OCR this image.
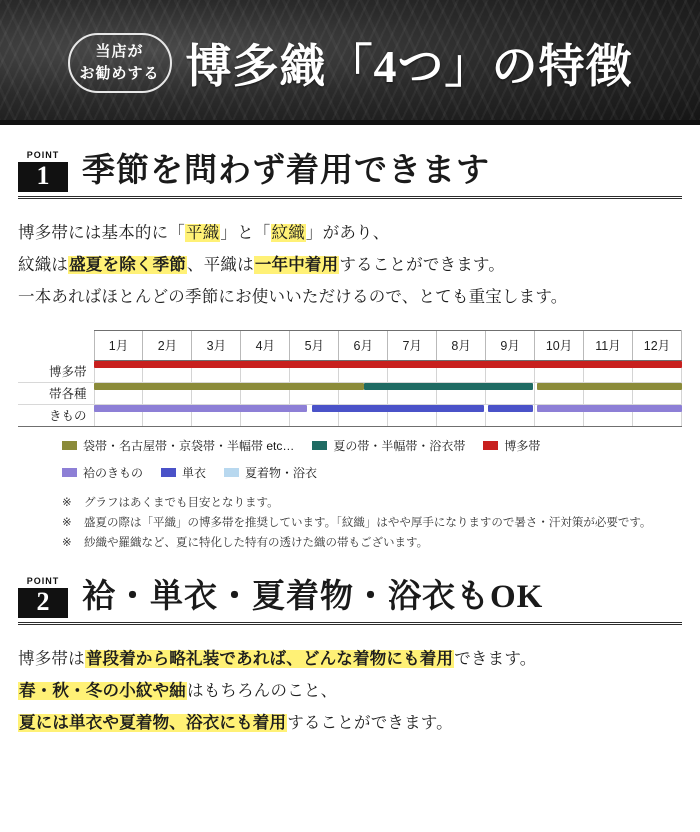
当店が
お勧めする 博多織「4つ」の特徴
POINT
1 季節を問わず着用できます
博多帯には基本的に「平織」と「紋織」があり、
紋織は盛夏を除く季節、平織は一年中着用することができます。
一本あればほとんどの季節にお使いいただけるので、とても重宝します。
	1月	2月	3月	4月	5月	6月	7月	8月	9月	10月	11月	12月
博多帯												
帯各種												
きもの												
袋帯・名古屋帯・京袋帯・半幅帯 etc…	夏の帯・半幅帯・浴衣帯	博多帯
袷のきもの	単衣	夏着物・浴衣
※	グラフはあくまでも目安となります。
※	盛夏の際は「平織」の博多帯を推奨しています。「紋織」はやや厚手になりますので暑さ・汗対策が必要です。
※	紗織や羅織など、夏に特化した特有の透けた織の帯もございます。
POINT
2 袷・単衣・夏着物・浴衣もOK
博多帯は普段着から略礼装であれば、どんな着物にも着用できます。
春・秋・冬の小紋や紬はもちろんのこと、
夏には単衣や夏着物、浴衣にも着用することができます。
